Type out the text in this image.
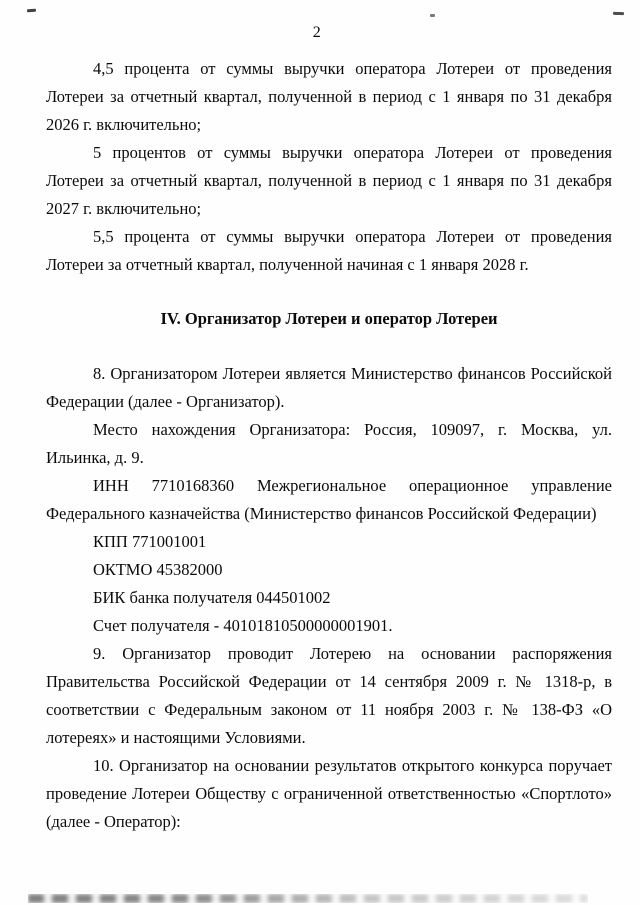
2

4,5 процента от суммы выручки оператора Лотереи от проведения Лотереи за отчетный квартал, полученной в период с 1 января по 31 декабря 2026 г. включительно;

5 процентов от суммы выручки оператора Лотереи от проведения Лотереи за отчетный квартал, полученной в период с 1 января по 31 декабря 2027 г. включительно;

5,5 процента от суммы выручки оператора Лотереи от проведения Лотереи за отчетный квартал, полученной начиная с 1 января 2028 г.

IV. Организатор Лотереи и оператор Лотереи

8. Организатором Лотереи является Министерство финансов Российской Федерации (далее - Организатор).

Место нахождения Организатора: Россия, 109097, г. Москва, ул. Ильинка, д. 9.

ИНН 7710168360 Межрегиональное операционное управление Федерального казначейства (Министерство финансов Российской Федерации)

КПП 771001001

ОКТМО 45382000

БИК банка получателя 044501002

Счет получателя - 40101810500000001901.

9. Организатор проводит Лотерею на основании распоряжения Правительства Российской Федерации от 14 сентября 2009 г. № 1318-р, в соответствии с Федеральным законом от 11 ноября 2003 г. № 138-ФЗ «О лотереях» и настоящими Условиями.

10. Организатор на основании результатов открытого конкурса поручает проведение Лотереи Обществу с ограниченной ответственностью «Спортлото» (далее - Оператор):
